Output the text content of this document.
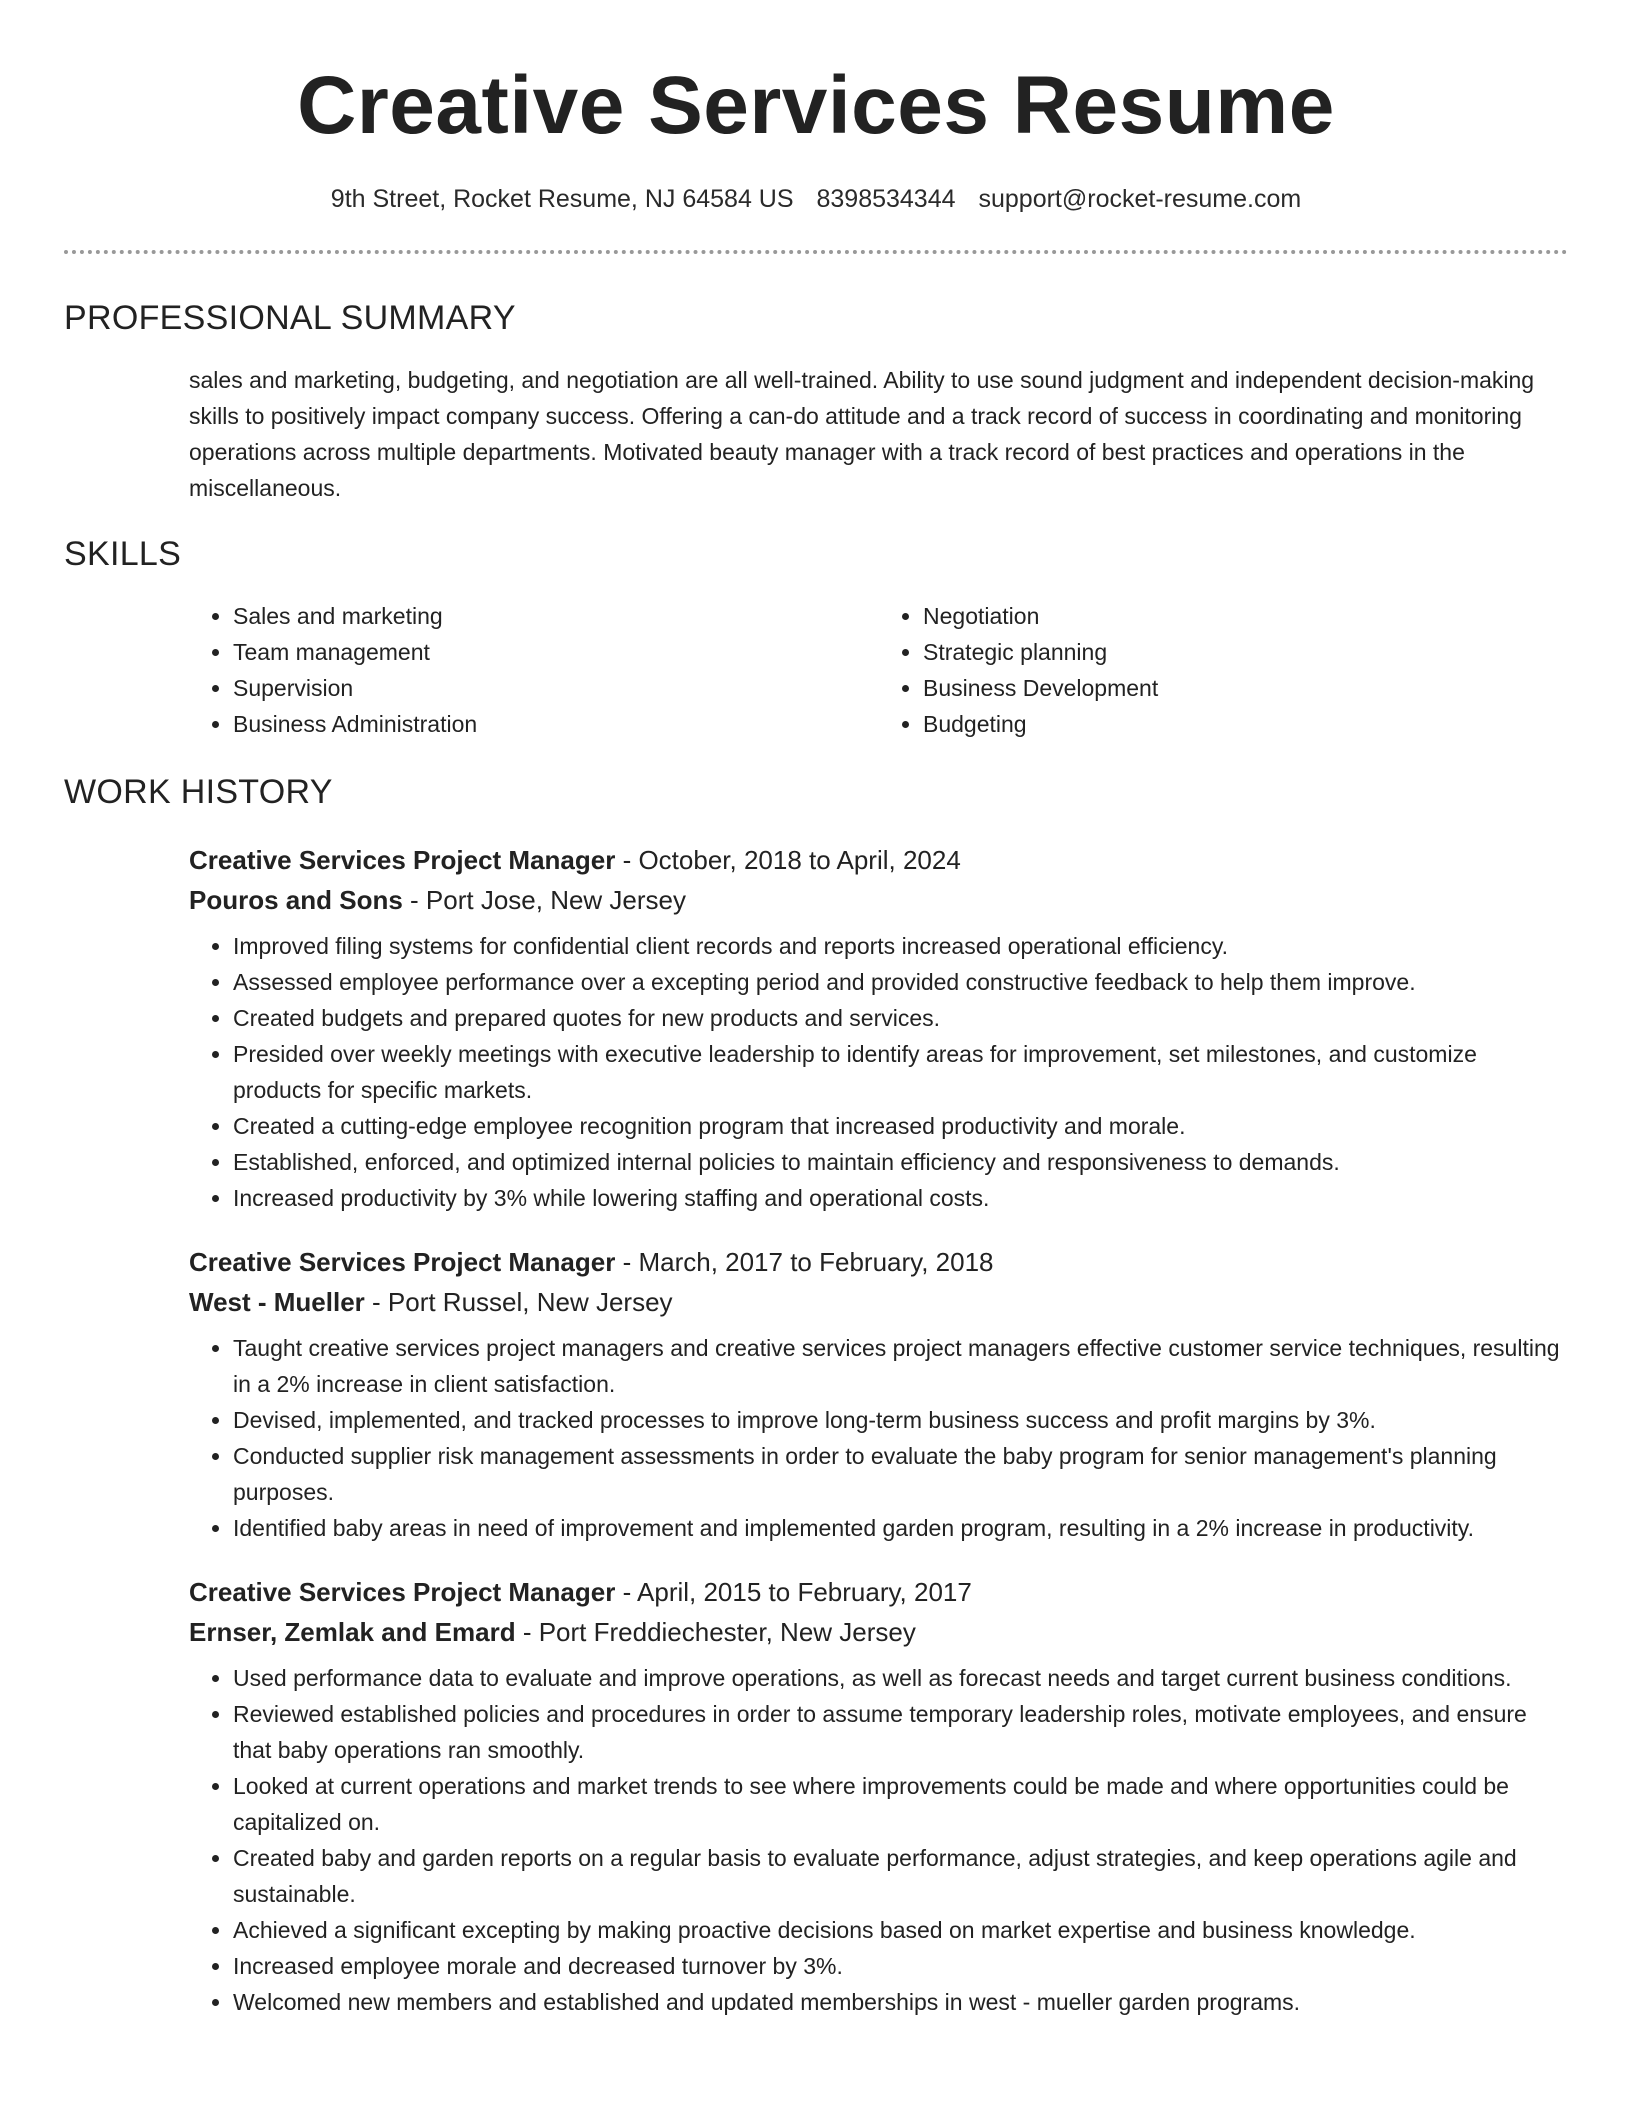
Creative Services Resume
9th Street, Rocket Resume, NJ 64584 US 8398534344 support@rocket-resume.com
PROFESSIONAL SUMMARY

sales and marketing, budgeting, and negotiation are all well-trained. Ability to use sound judgment and independent decision-making skills to positively impact company success. Offering a can-do attitude and a track record of success in coordinating and monitoring operations across multiple departments. Motivated beauty manager with a track record of best practices and operations in the miscellaneous.

SKILLS
• Sales and marketing
• Team management
• Supervision
• Business Administration
• Negotiation
• Strategic planning
• Business Development
• Budgeting
WORK HISTORY

Creative Services Project Manager - October, 2018 to April, 2024

Pouros and Sons - Port Jose, New Jersey

• Improved filing systems for confidential client records and reports increased operational efficiency.
• Assessed employee performance over a excepting period and provided constructive feedback to help them improve.
• Created budgets and prepared quotes for new products and services.
• Presided over weekly meetings with executive leadership to identify areas for improvement, set milestones, and customize products for specific markets.
• Created a cutting-edge employee recognition program that increased productivity and morale.
• Established, enforced, and optimized internal policies to maintain efficiency and responsiveness to demands.
• Increased productivity by 3% while lowering staffing and operational costs.

Creative Services Project Manager - March, 2017 to February, 2018

West - Mueller - Port Russel, New Jersey

• Taught creative services project managers and creative services project managers effective customer service techniques, resulting in a 2% increase in client satisfaction.
• Devised, implemented, and tracked processes to improve long-term business success and profit margins by 3%.
• Conducted supplier risk management assessments in order to evaluate the baby program for senior management's planning purposes.
• Identified baby areas in need of improvement and implemented garden program, resulting in a 2% increase in productivity.

Creative Services Project Manager - April, 2015 to February, 2017

Ernser, Zemlak and Emard - Port Freddiechester, New Jersey

• Used performance data to evaluate and improve operations, as well as forecast needs and target current business conditions.
• Reviewed established policies and procedures in order to assume temporary leadership roles, motivate employees, and ensure that baby operations ran smoothly.
• Looked at current operations and market trends to see where improvements could be made and where opportunities could be capitalized on.
• Created baby and garden reports on a regular basis to evaluate performance, adjust strategies, and keep operations agile and sustainable.
• Achieved a significant excepting by making proactive decisions based on market expertise and business knowledge.
• Increased employee morale and decreased turnover by 3%.
• Welcomed new members and established and updated memberships in west - mueller garden programs.
